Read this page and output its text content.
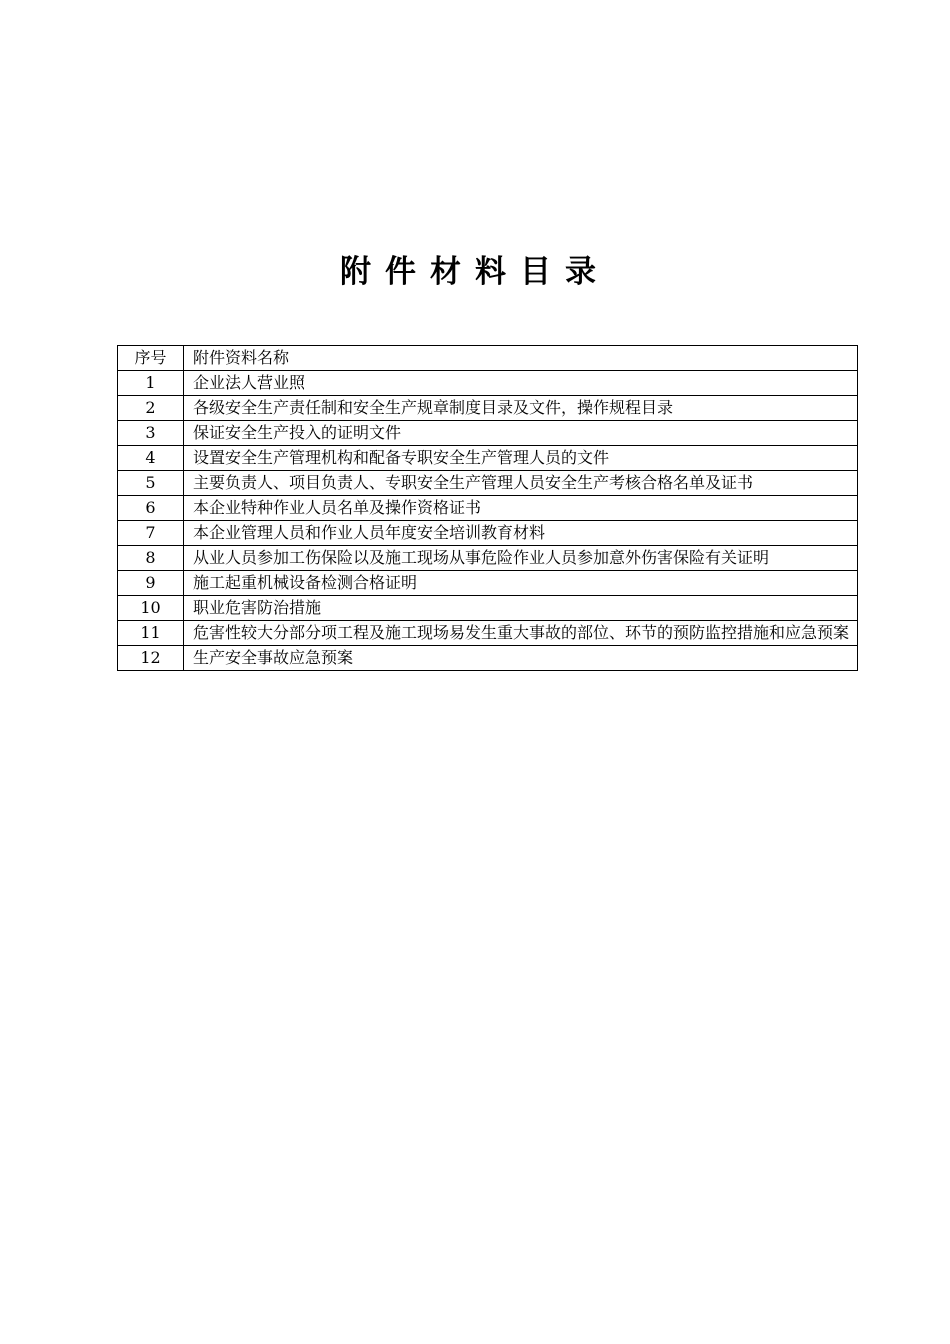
附件材料目录
序号	附件资料名称
1	企业法人营业照
2	各级安全生产责任制和安全生产规章制度目录及文件，操作规程目录
3	保证安全生产投入的证明文件
4	设置安全生产管理机构和配备专职安全生产管理人员的文件
5	主要负责人、项目负责人、专职安全生产管理人员安全生产考核合格名单及证书
6	本企业特种作业人员名单及操作资格证书
7	本企业管理人员和作业人员年度安全培训教育材料
8	从业人员参加工伤保险以及施工现场从事危险作业人员参加意外伤害保险有关证明
9	施工起重机械设备检测合格证明
10	职业危害防治措施
11	危害性较大分部分项工程及施工现场易发生重大事故的部位、环节的预防监控措施和应急预案
12	生产安全事故应急预案
